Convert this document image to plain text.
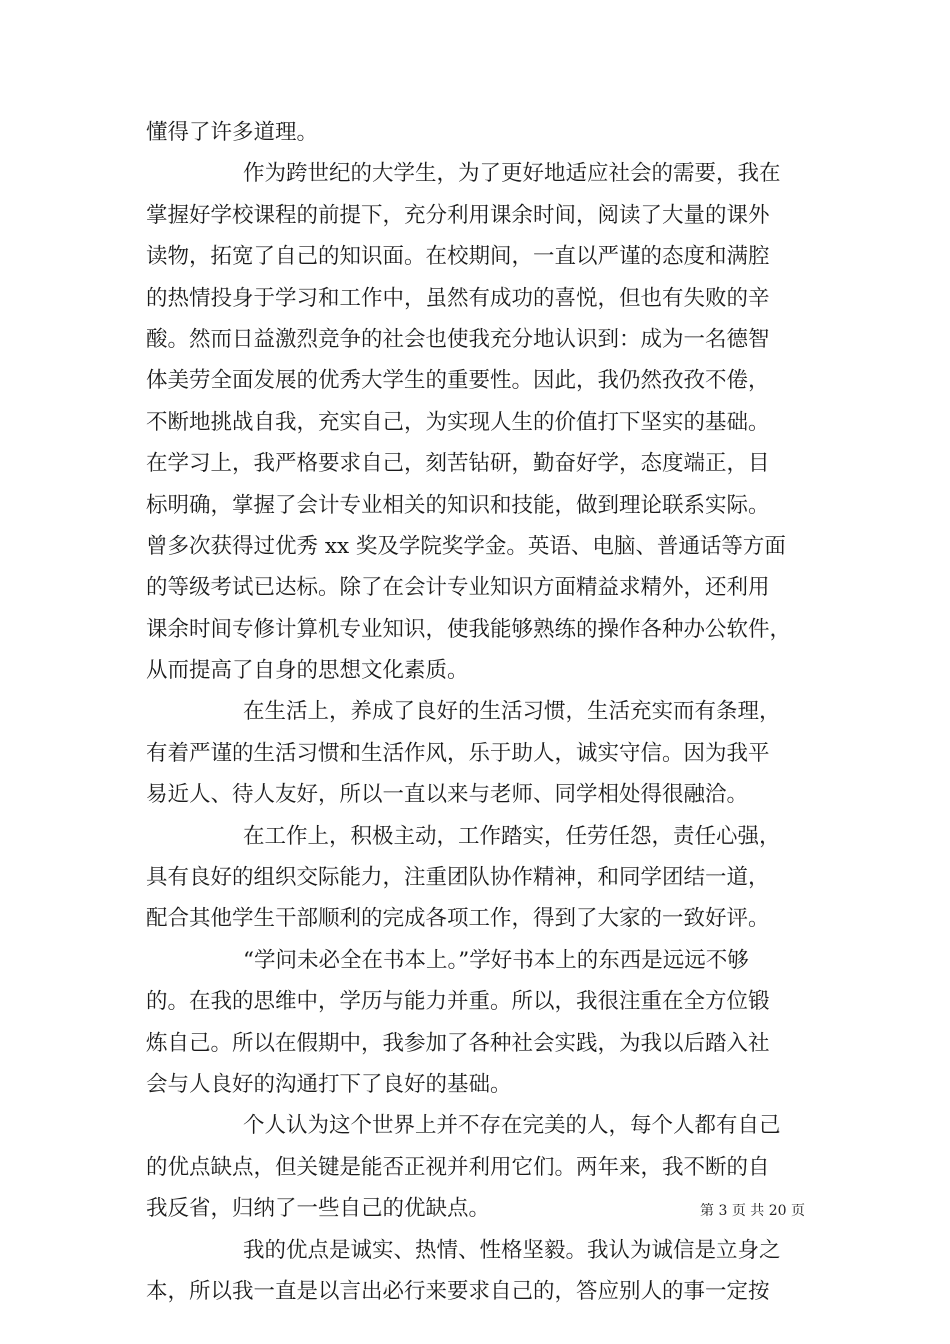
懂得了许多道理。
作为跨世纪的大学生，为了更好地适应社会的需要，我在
掌握好学校课程的前提下，充分利用课余时间，阅读了大量的课外
读物，拓宽了自己的知识面。在校期间，一直以严谨的态度和满腔
的热情投身于学习和工作中，虽然有成功的喜悦，但也有失败的辛
酸。然而日益激烈竞争的社会也使我充分地认识到：成为一名德智
体美劳全面发展的优秀大学生的重要性。因此，我仍然孜孜不倦，
不断地挑战自我，充实自己，为实现人生的价值打下坚实的基础。
在学习上，我严格要求自己，刻苦钻研，勤奋好学，态度端正，目
标明确，掌握了会计专业相关的知识和技能，做到理论联系实际。
曾多次获得过优秀 xx 奖及学院奖学金。英语、电脑、普通话等方面
的等级考试已达标。除了在会计专业知识方面精益求精外，还利用
课余时间专修计算机专业知识，使我能够熟练的操作各种办公软件，
从而提高了自身的思想文化素质。
在生活上，养成了良好的生活习惯，生活充实而有条理，
有着严谨的生活习惯和生活作风，乐于助人，诚实守信。因为我平
易近人、待人友好，所以一直以来与老师、同学相处得很融洽。
在工作上，积极主动，工作踏实，任劳任怨，责任心强，
具有良好的组织交际能力，注重团队协作精神，和同学团结一道，
配合其他学生干部顺利的完成各项工作，得到了大家的一致好评。
“学问未必全在书本上。”学好书本上的东西是远远不够
的。在我的思维中，学历与能力并重。所以，我很注重在全方位锻
炼自己。所以在假期中，我参加了各种社会实践，为我以后踏入社
会与人良好的沟通打下了良好的基础。
个人认为这个世界上并不存在完美的人，每个人都有自己
的优点缺点，但关键是能否正视并利用它们。两年来，我不断的自
我反省，归纳了一些自己的优缺点。
我的优点是诚实、热情、性格坚毅。我认为诚信是立身之
本，所以我一直是以言出必行来要求自己的，答应别人的事一定按
第 3 页 共 20 页
